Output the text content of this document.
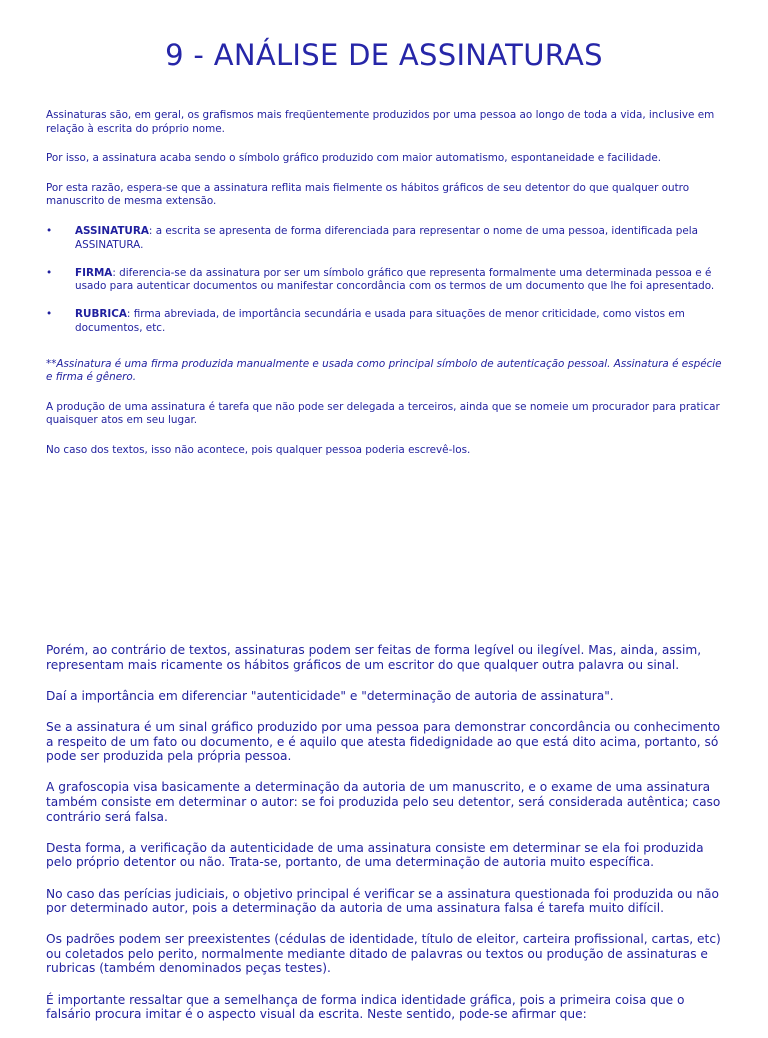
9 - ANÁLISE DE ASSINATURAS

Assinaturas são, em geral, os grafismos mais freqüentemente produzidos por uma pessoa ao longo de toda a vida, inclusive em relação à escrita do próprio nome.

Por isso, a assinatura acaba sendo o símbolo gráfico produzido com maior automatismo, espontaneidade e facilidade.

Por esta razão, espera-se que a assinatura reflita mais fielmente os hábitos gráficos de seu detentor do que qualquer outro manuscrito de mesma extensão.

• ASSINATURA: a escrita se apresenta de forma diferenciada para representar o nome de uma pessoa, identificada pela ASSINATURA.
• FIRMA: diferencia-se da assinatura por ser um símbolo gráfico que representa formalmente uma determinada pessoa e é usado para autenticar documentos ou manifestar concordância com os termos de um documento que lhe foi apresentado.
• RUBRICA: firma abreviada, de importância secundária e usada para situações de menor criticidade, como vistos em documentos, etc.

**Assinatura é uma firma produzida manualmente e usada como principal símbolo de autenticação pessoal. Assinatura é espécie e firma é gênero.

A produção de uma assinatura é tarefa que não pode ser delegada a terceiros, ainda que se nomeie um procurador para praticar quaisquer atos em seu lugar.

No caso dos textos, isso não acontece, pois qualquer pessoa poderia escrevê-los.

Porém, ao contrário de textos, assinaturas podem ser feitas de forma legível ou ilegível. Mas, ainda, assim, representam mais ricamente os hábitos gráficos de um escritor do que qualquer outra palavra ou sinal.

Daí a importância em diferenciar "autenticidade" e "determinação de autoria de assinatura".

Se a assinatura é um sinal gráfico produzido por uma pessoa para demonstrar concordância ou conhecimento a respeito de um fato ou documento, e é aquilo que atesta fidedignidade ao que está dito acima, portanto, só pode ser produzida pela própria pessoa.

A grafoscopia visa basicamente a determinação da autoria de um manuscrito, e o exame de uma assinatura também consiste em determinar o autor: se foi produzida pelo seu detentor, será considerada autêntica; caso contrário será falsa.

Desta forma, a verificação da autenticidade de uma assinatura consiste em determinar se ela foi produzida pelo próprio detentor ou não. Trata-se, portanto, de uma determinação de autoria muito específica.

No caso das perícias judiciais, o objetivo principal é verificar se a assinatura questionada foi produzida ou não por determinado autor, pois a determinação da autoria de uma assinatura falsa é tarefa muito difícil.

Os padrões podem ser preexistentes (cédulas de identidade, título de eleitor, carteira profissional, cartas, etc) ou coletados pelo perito, normalmente mediante ditado de palavras ou textos ou produção de assinaturas e rubricas (também denominados peças testes).

É importante ressaltar que a semelhança de forma indica identidade gráfica, pois a primeira coisa que o falsário procura imitar é o aspecto visual da escrita. Neste sentido, pode-se afirmar que:
